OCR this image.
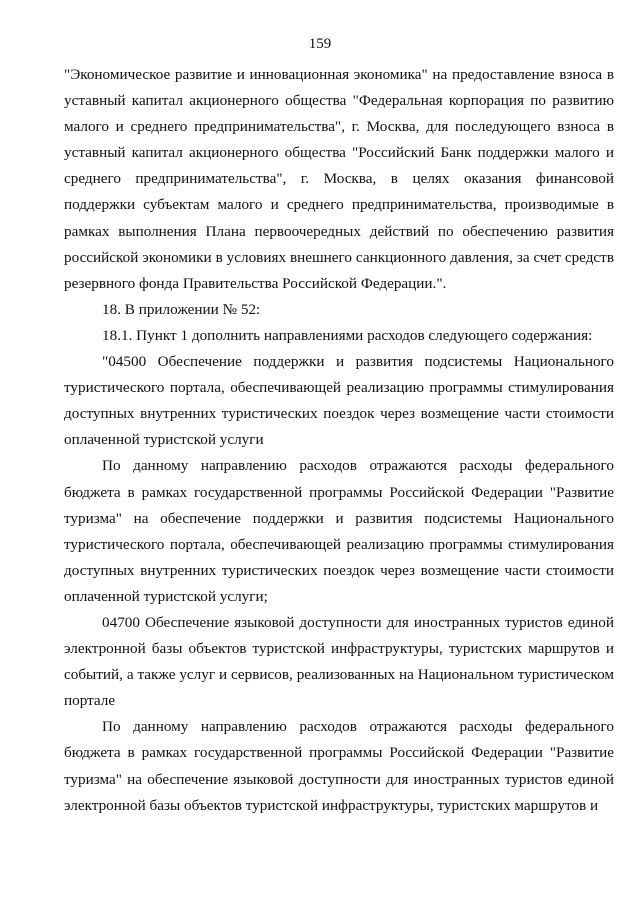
159

"Экономическое развитие и инновационная экономика" на предоставление взноса в уставный капитал акционерного общества "Федеральная корпорация по развитию малого и среднего предпринимательства", г. Москва, для последующего взноса в уставный капитал акционерного общества "Российский Банк поддержки малого и среднего предпринимательства", г. Москва, в целях оказания финансовой поддержки субъектам малого и среднего предпринимательства, производимые в рамках выполнения Плана первоочередных действий по обеспечению развития российской экономики в условиях внешнего санкционного давления, за счет средств резервного фонда Правительства Российской Федерации.".

18. В приложении № 52:

18.1. Пункт 1 дополнить направлениями расходов следующего содержания:

"04500 Обеспечение поддержки и развития подсистемы Национального туристического портала, обеспечивающей реализацию программы стимулирования доступных внутренних туристических поездок через возмещение части стоимости оплаченной туристской услуги

По данному направлению расходов отражаются расходы федерального бюджета в рамках государственной программы Российской Федерации "Развитие туризма" на обеспечение поддержки и развития подсистемы Национального туристического портала, обеспечивающей реализацию программы стимулирования доступных внутренних туристических поездок через возмещение части стоимости оплаченной туристской услуги;

04700 Обеспечение языковой доступности для иностранных туристов единой электронной базы объектов туристской инфраструктуры, туристских маршрутов и событий, а также услуг и сервисов, реализованных на Национальном туристическом портале

По данному направлению расходов отражаются расходы федерального бюджета в рамках государственной программы Российской Федерации "Развитие туризма" на обеспечение языковой доступности для иностранных туристов единой электронной базы объектов туристской инфраструктуры, туристских маршрутов и
